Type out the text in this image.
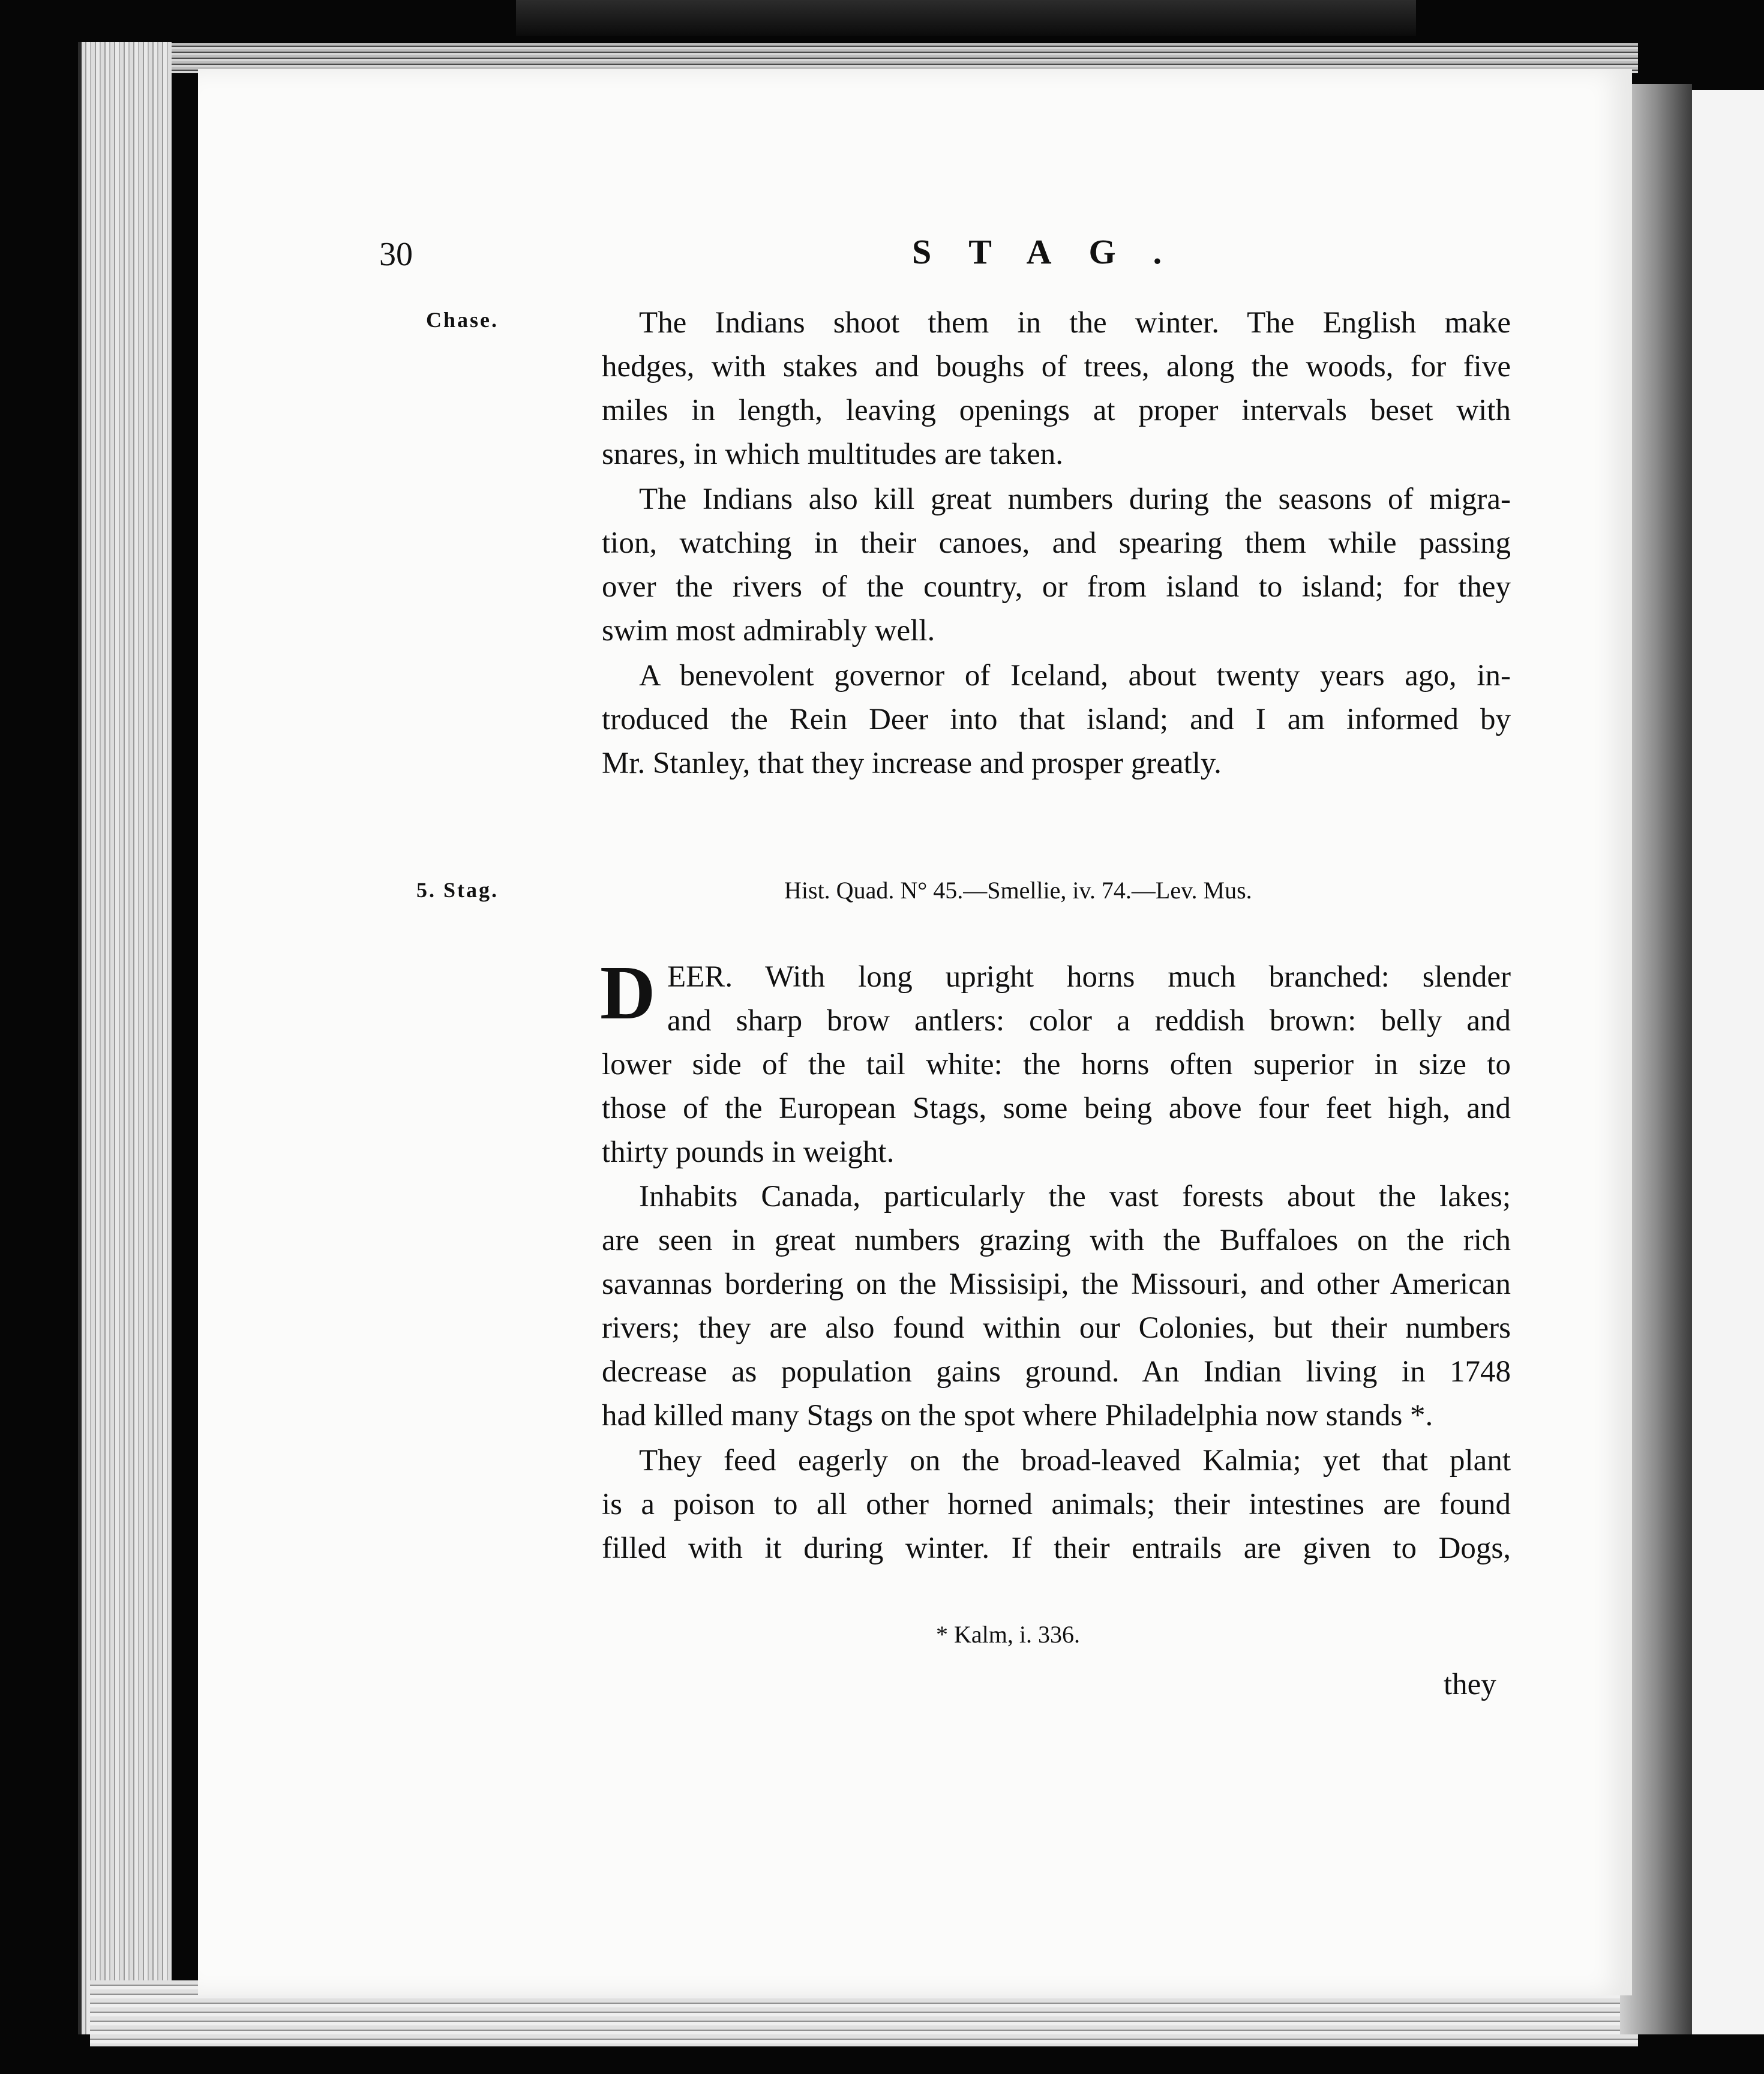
30	STAG.
Chase.
5. Stag.
The Indians shoot them in the winter. The English make
hedges, with stakes and boughs of trees, along the woods, for five
miles in length, leaving openings at proper intervals beset with
snares, in which multitudes are taken.
The Indians also kill great numbers during the seasons of migra-
tion, watching in their canoes, and spearing them while passing
over the rivers of the country, or from island to island; for they
swim most admirably well.
A benevolent governor of Iceland, about twenty years ago, in-
troduced the Rein Deer into that island; and I am informed by
Mr. Stanley, that they increase and prosper greatly.
Hist. Quad. N° 45.—Smellie, iv. 74.—Lev. Mus.
D EER. With long upright horns much branched: slender
and sharp brow antlers: color a reddish brown: belly and
lower side of the tail white: the horns often superior in size to
those of the European Stags, some being above four feet high, and
thirty pounds in weight.
Inhabits Canada, particularly the vast forests about the lakes;
are seen in great numbers grazing with the Buffaloes on the rich
savannas bordering on the Missisipi, the Missouri, and other American
rivers; they are also found within our Colonies, but their numbers
decrease as population gains ground. An Indian living in 1748
had killed many Stags on the spot where Philadelphia now stands *.
They feed eagerly on the broad-leaved Kalmia; yet that plant
is a poison to all other horned animals; their intestines are found
filled with it during winter. If their entrails are given to Dogs,
* Kalm, i. 336.
they
